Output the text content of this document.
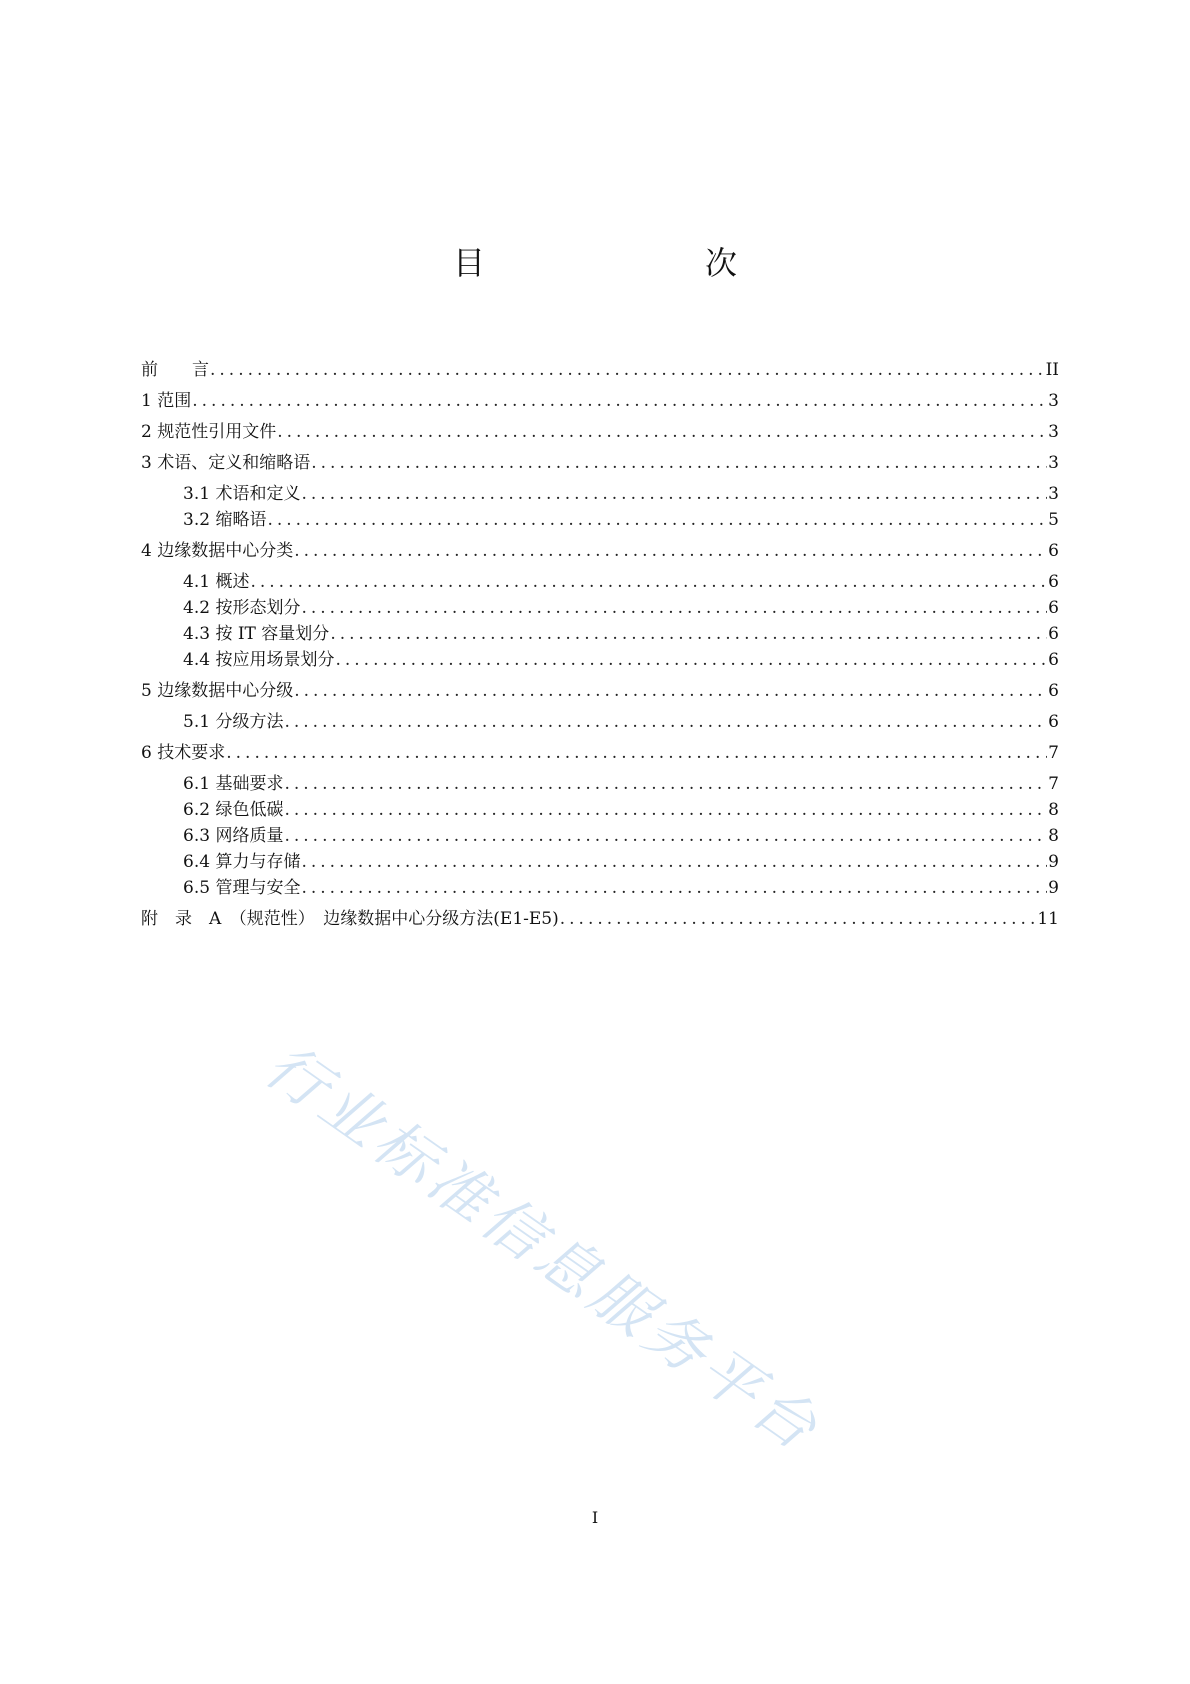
目　　次
前　　言 .....	II
1 范围 .....	3
2 规范性引用文件 .....	3
3 术语、定义和缩略语 .....	3
3.1 术语和定义 .....	3
3.2 缩略语 .....	5
4 边缘数据中心分类 .....	6
4.1 概述 .....	6
4.2 按形态划分 .....	6
4.3 按 IT 容量划分 .....	6
4.4 按应用场景划分 .....	6
5 边缘数据中心分级 .....	6
5.1 分级方法 .....	6
6 技术要求 .....	7
6.1 基础要求 .....	7
6.2 绿色低碳 .....	8
6.3 网络质量 .....	8
6.4 算力与存储 .....	9
6.5 管理与安全 .....	9
附　录　A　（规范性）　边缘数据中心分级方法(E1-E5) .....	11
行业标准信息服务平台
I
